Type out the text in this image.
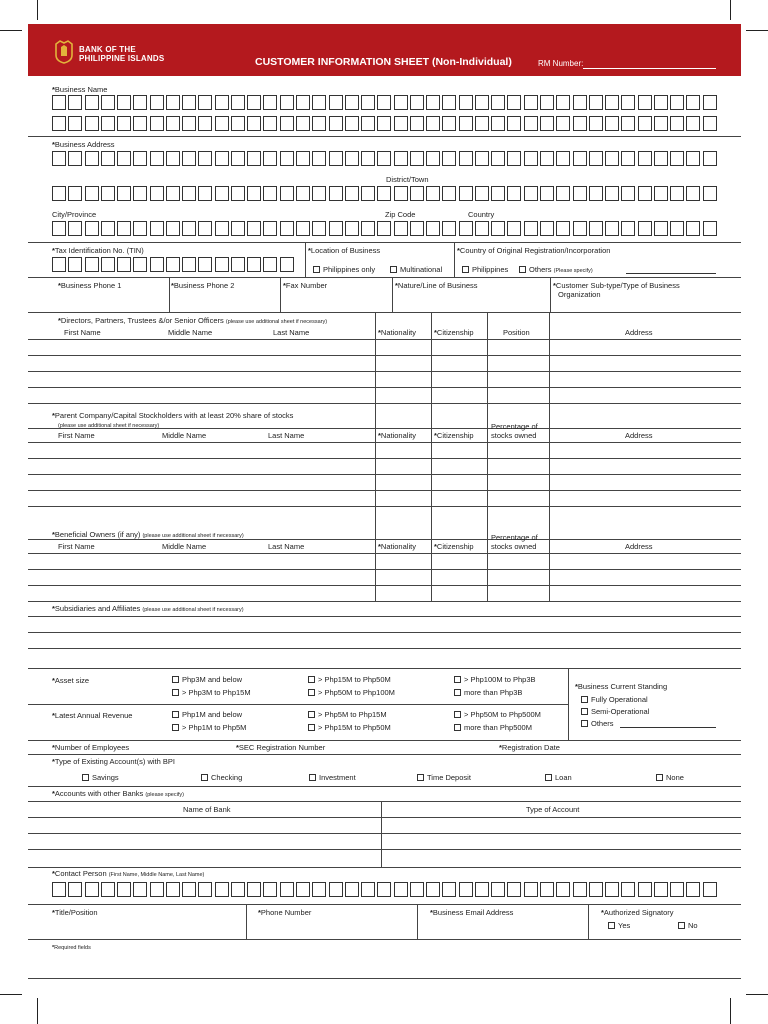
BANK OF THE
PHILIPPINE ISLANDS	CUSTOMER INFORMATION SHEET (Non-Individual)	RM Number:
*Business Name
*Business Address
District/Town
City/Province	Zip Code	Country
*Tax Identification No. (TIN)	*Location of Business
Philippines only	Multinational
*Country of Original Registration/Incorporation
Philippines	Others (Please specify)
*Business Phone 1	*Business Phone 2	*Fax Number	*Nature/Line of Business	*Customer Sub-type/Type of Business
Organization
*Directors, Partners, Trustees &/or Senior Officers (please use additional sheet if necessary)
First Name	Middle Name	Last Name	*Nationality *Citizenship	Position	Address
*Parent Company/Capital Stockholders with at least 20% share of stocks
(please use additional sheet if necessary)
First Name	Middle Name	Last Name	*Nationality *Citizenship
Percentage of
stocks owned	Address
*Beneficial Owners (if any) (please use additional sheet if necessary)
First Name	Middle Name	Last Name	*Nationality *Citizenship
Percentage of
stocks owned	Address
*Subsidiaries and Affiliates (please use additional sheet if necessary)
*Asset size	Php3M and below
> Php3M to Php15M
> Php15M to Php50M
> Php50M to Php100M
> Php100M to Php3B
more than Php3B
*Latest Annual Revenue	Php1M and below
> Php1M to Php5M
> Php5M to Php15M
> Php15M to Php50M
> Php50M to Php500M
more than Php500M
*Business Current Standing
Fully Operational
Semi-Operational
Others
*Number of Employees	*SEC Registration Number	*Registration Date
*Type of Existing Account(s) with BPI
Savings	Checking	Investment	Time Deposit	Loan	None
*Accounts with other Banks (please specify)
Name of Bank	Type of Account
*Contact Person (First Name, Middle Name, Last Name)
*Title/Position	*Phone Number	*Business Email Address	*Authorized Signatory
Yes	No
*Required fields
